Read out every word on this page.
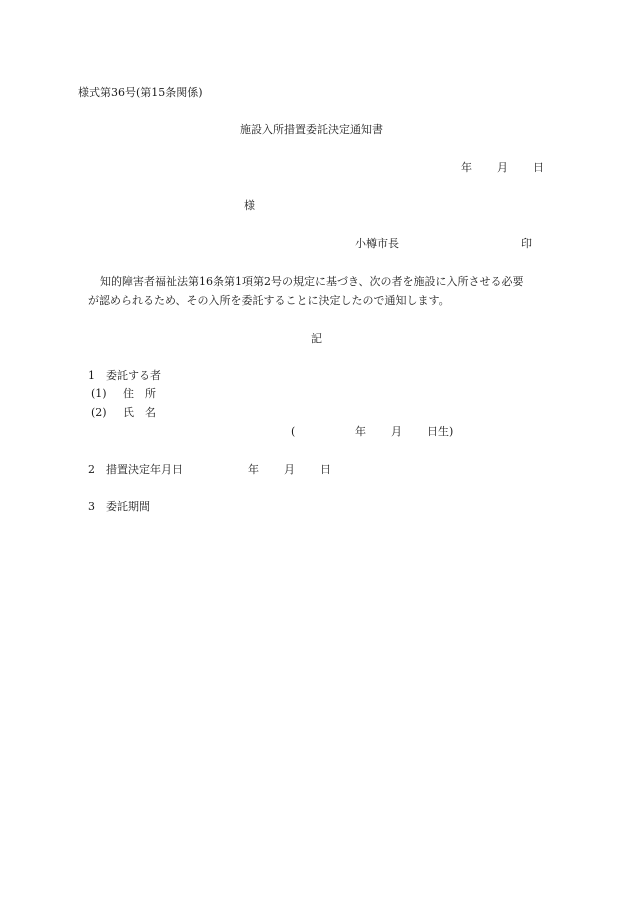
様式第36号(第15条関係)
施設入所措置委託決定通知書
年 月 日
様
小樽市長	印
知的障害者福祉法第16条第1項第2号の規定に基づき、次の者を施設に入所させる必要
が認められるため、その入所を委託することに決定したので通知します。
記
1　委託する者
(1) 住　所
(2) 氏　名
(	年 月 日生)
2　措置決定年月日	年 月 日
3　委託期間
